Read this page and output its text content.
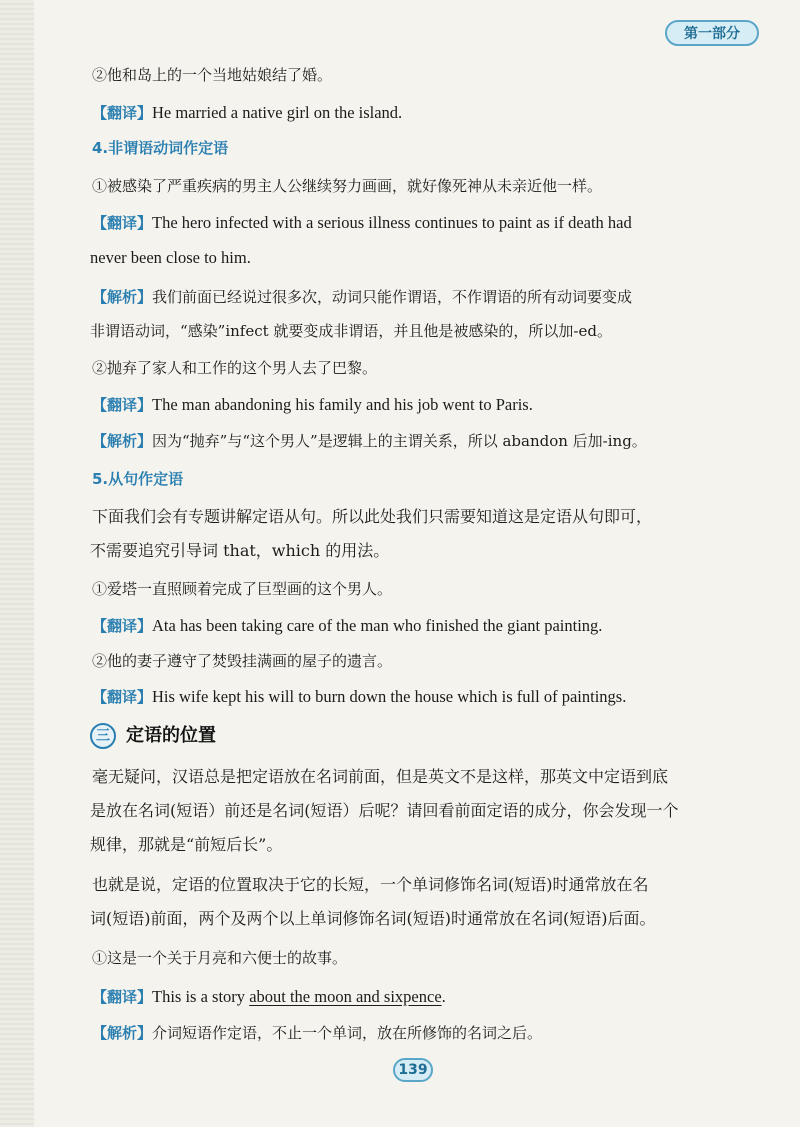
第一部分
②他和岛上的一个当地姑娘结了婚。
【翻译】He married a native girl on the island.
4.非谓语动词作定语
①被感染了严重疾病的男主人公继续努力画画，就好像死神从未亲近他一样。
【翻译】The hero infected with a serious illness continues to paint as if death had
never been close to him.
【解析】我们前面已经说过很多次，动词只能作谓语，不作谓语的所有动词要变成
非谓语动词，“感染”infect 就要变成非谓语，并且他是被感染的，所以加-ed。
②抛弃了家人和工作的这个男人去了巴黎。
【翻译】The man abandoning his family and his job went to Paris.
【解析】因为“抛弃”与“这个男人”是逻辑上的主谓关系，所以 abandon 后加-ing。
5.从句作定语
下面我们会有专题讲解定语从句。所以此处我们只需要知道这是定语从句即可，
不需要追究引导词 that，which 的用法。
①爱塔一直照顾着完成了巨型画的这个男人。
【翻译】Ata has been taking care of the man who finished the giant painting.
②他的妻子遵守了焚毁挂满画的屋子的遗言。
【翻译】His wife kept his will to burn down the house which is full of paintings.
三 定语的位置
毫无疑问，汉语总是把定语放在名词前面，但是英文不是这样，那英文中定语到底
是放在名词(短语）前还是名词(短语）后呢？请回看前面定语的成分，你会发现一个
规律，那就是“前短后长”。
也就是说，定语的位置取决于它的长短，一个单词修饰名词(短语)时通常放在名
词(短语)前面，两个及两个以上单词修饰名词(短语)时通常放在名词(短语)后面。
①这是一个关于月亮和六便士的故事。
【翻译】This is a story about the moon and sixpence.
【解析】介词短语作定语，不止一个单词，放在所修饰的名词之后。
139
